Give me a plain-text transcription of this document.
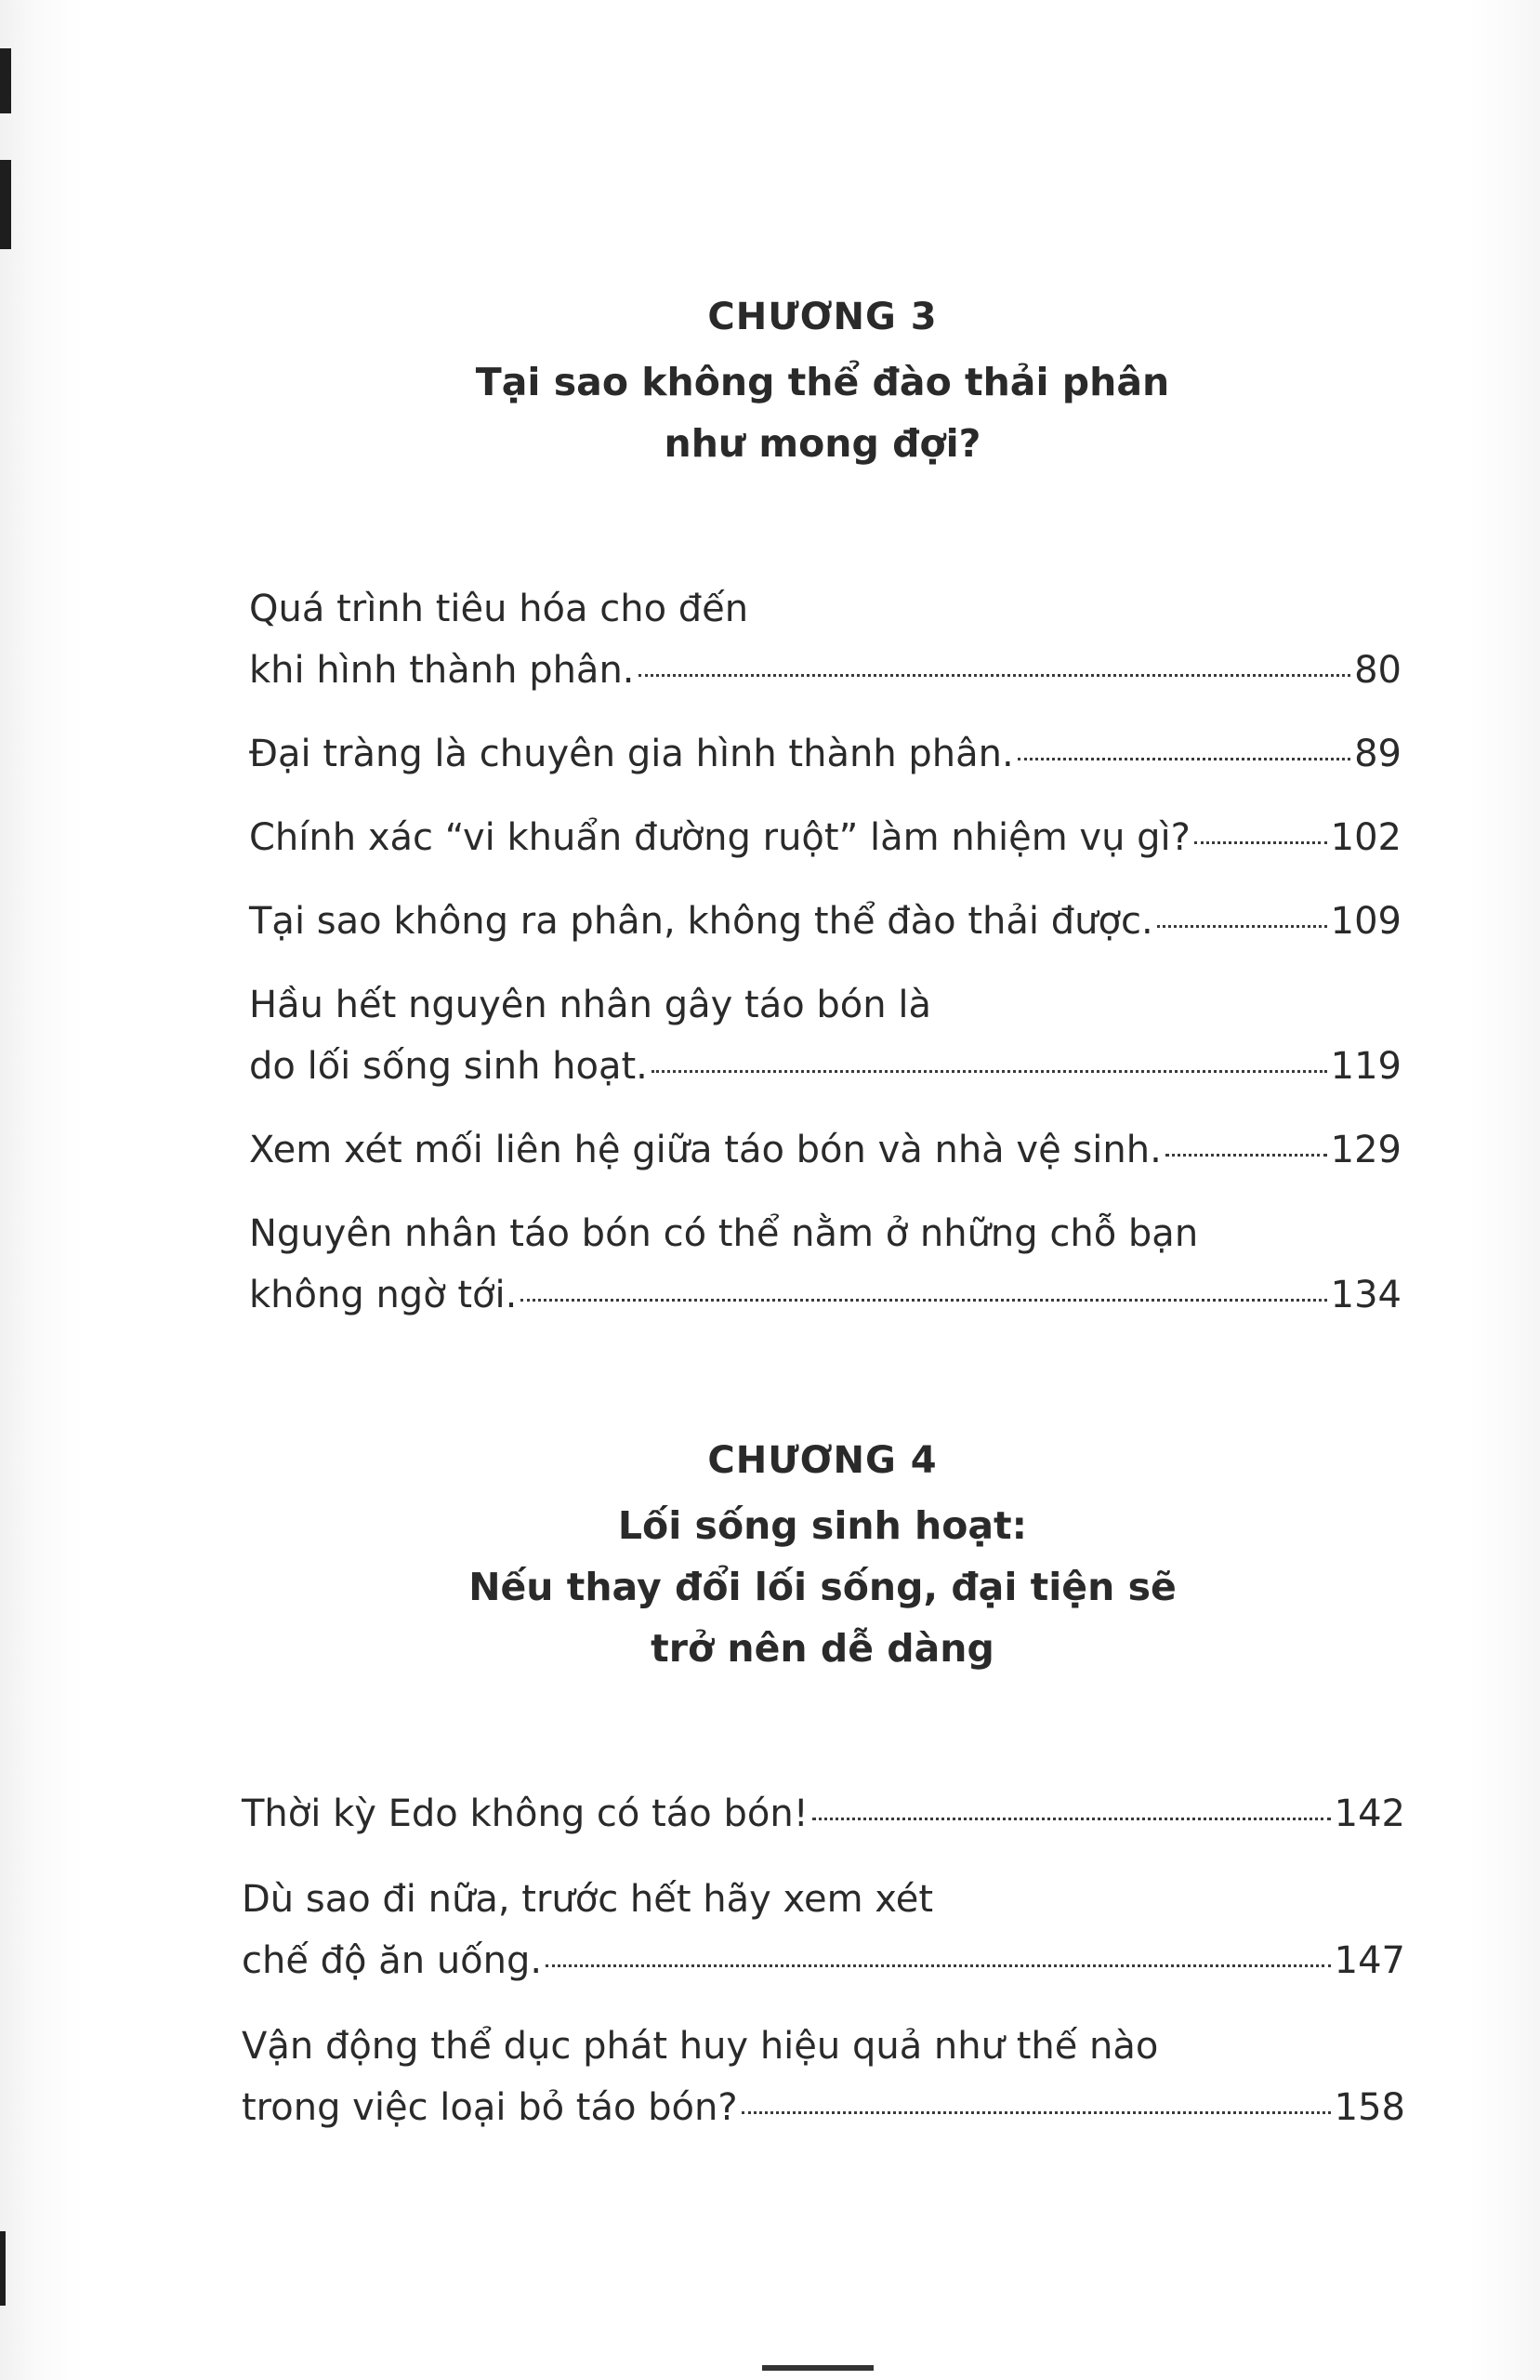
CHƯƠNG 3
Tại sao không thể đào thải phân
như mong đợi?
Quá trình tiêu hóa cho đến
khi hình thành phân.	80
Đại tràng là chuyên gia hình thành phân.	89
Chính xác “vi khuẩn đường ruột” làm nhiệm vụ gì?	102
Tại sao không ra phân, không thể đào thải được.	109
Hầu hết nguyên nhân gây táo bón là
do lối sống sinh hoạt.	119
Xem xét mối liên hệ giữa táo bón và nhà vệ sinh.	129
Nguyên nhân táo bón có thể nằm ở những chỗ bạn
không ngờ tới.	134
CHƯƠNG 4
Lối sống sinh hoạt:
Nếu thay đổi lối sống, đại tiện sẽ
trở nên dễ dàng
Thời kỳ Edo không có táo bón!	142
Dù sao đi nữa, trước hết hãy xem xét
chế độ ăn uống.	147
Vận động thể dục phát huy hiệu quả như thế nào
trong việc loại bỏ táo bón?	158
